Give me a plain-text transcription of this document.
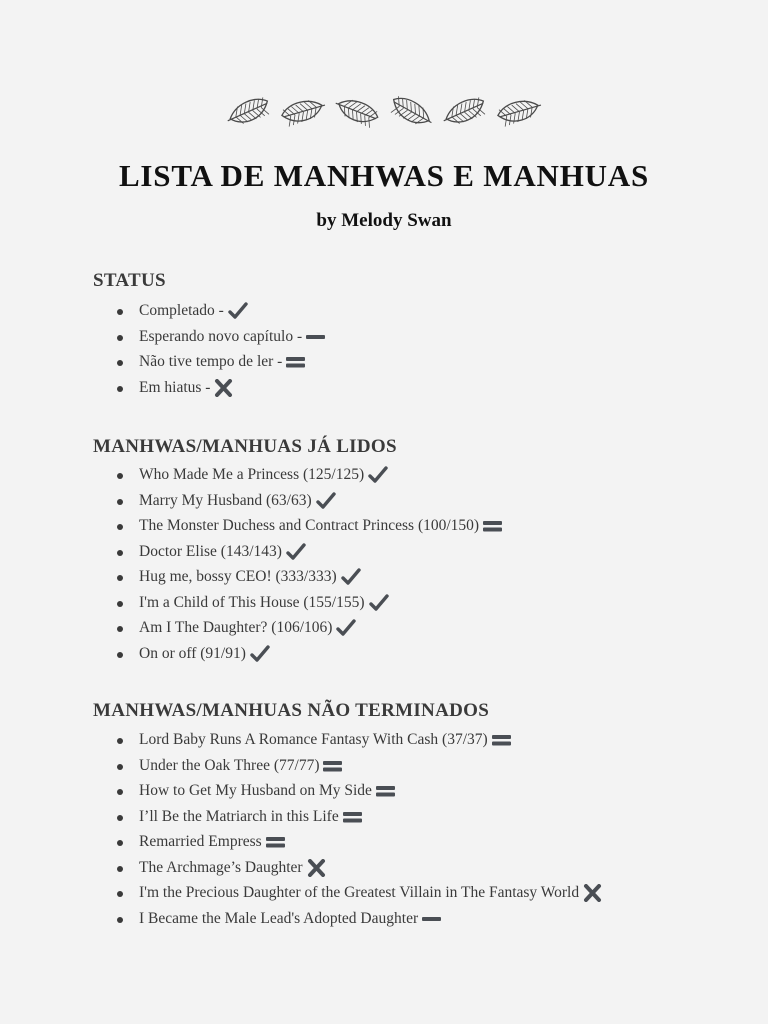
LISTA DE MANHWAS E MANHUAS

by Melody Swan

STATUS
Completado -
Esperando novo capítulo -
Não tive tempo de ler -
Em hiatus -
MANHWAS/MANHUAS JÁ LIDOS
Who Made Me a Princess (125/125)
Marry My Husband (63/63)
The Monster Duchess and Contract Princess (100/150)
Doctor Elise (143/143)
Hug me, bossy CEO! (333/333)
I'm a Child of This House (155/155)
Am I The Daughter? (106/106)
On or off (91/91)
MANHWAS/MANHUAS NÃO TERMINADOS
Lord Baby Runs A Romance Fantasy With Cash (37/37)
Under the Oak Three (77/77)
How to Get My Husband on My Side
I’ll Be the Matriarch in this Life
Remarried Empress
The Archmage’s Daughter
I'm the Precious Daughter of the Greatest Villain in The Fantasy World
I Became the Male Lead's Adopted Daughter
